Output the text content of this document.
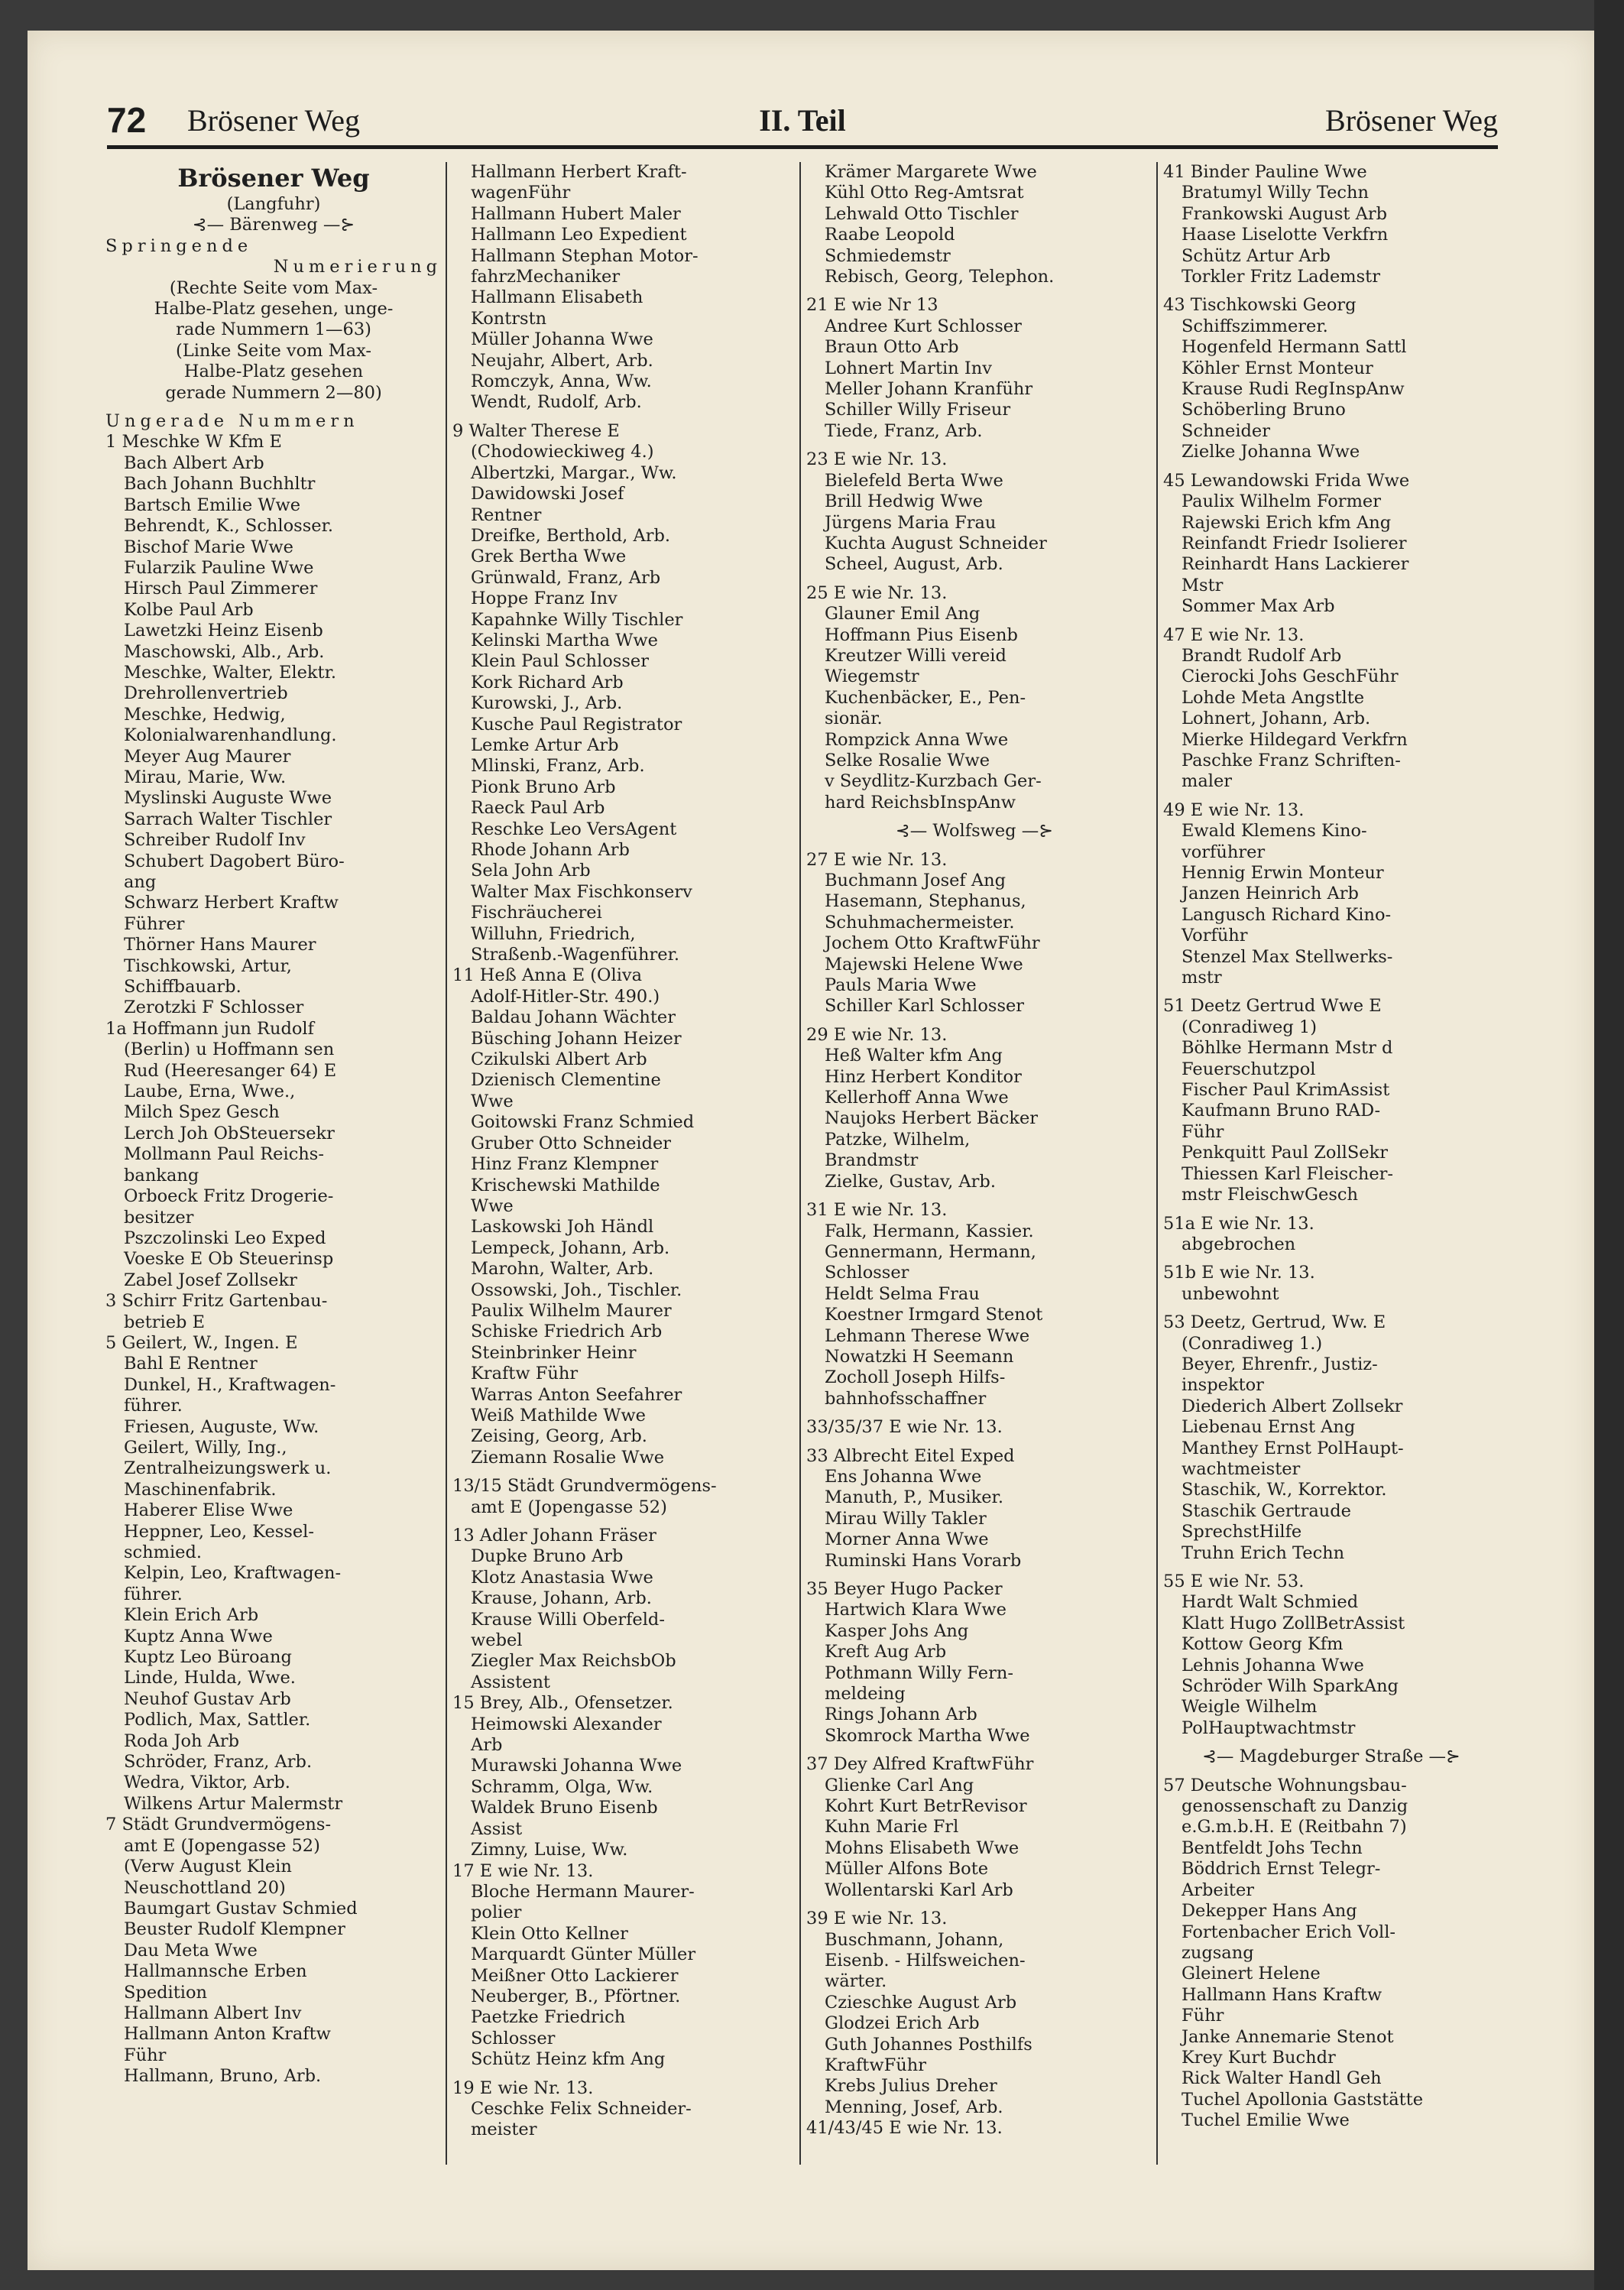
72 Brösener Weg	II. Teil	Brösener Weg
Brösener Weg
(Langfuhr)
⊰— Bärenweg —⊱
Springende
Numerierung
(Rechte Seite vom Max-
Halbe-Platz gesehen, unge-
rade Nummern 1—63)
(Linke Seite vom Max-
Halbe-Platz gesehen
gerade Nummern 2—80)
Ungerade Nummern
1 Meschke W Kfm E
Bach Albert Arb
Bach Johann Buchhltr
Bartsch Emilie Wwe
Behrendt, K., Schlosser.
Bischof Marie Wwe
Fularzik Pauline Wwe
Hirsch Paul Zimmerer
Kolbe Paul Arb
Lawetzki Heinz Eisenb
Maschowski, Alb., Arb.
Meschke, Walter, Elektr.
Drehrollenvertrieb
Meschke, Hedwig,
Kolonialwarenhandlung.
Meyer Aug Maurer
Mirau, Marie, Ww.
Myslinski Auguste Wwe
Sarrach Walter Tischler
Schreiber Rudolf Inv
Schubert Dagobert Büro-
ang
Schwarz Herbert Kraftw
Führer
Thörner Hans Maurer
Tischkowski, Artur,
Schiffbauarb.
Zerotzki F Schlosser
1a Hoffmann jun Rudolf
(Berlin) u Hoffmann sen
Rud (Heeresanger 64) E
Laube, Erna, Wwe.,
Milch Spez Gesch
Lerch Joh ObSteuersekr
Mollmann Paul Reichs-
bankang
Orboeck Fritz Drogerie-
besitzer
Pszczolinski Leo Exped
Voeske E Ob Steuerinsp
Zabel Josef Zollsekr
3 Schirr Fritz Gartenbau-
betrieb E
5 Geilert, W., Ingen. E
Bahl E Rentner
Dunkel, H., Kraftwagen-
führer.
Friesen, Auguste, Ww.
Geilert, Willy, Ing.,
Zentralheizungswerk u.
Maschinenfabrik.
Haberer Elise Wwe
Heppner, Leo, Kessel-
schmied.
Kelpin, Leo, Kraftwagen-
führer.
Klein Erich Arb
Kuptz Anna Wwe
Kuptz Leo Büroang
Linde, Hulda, Wwe.
Neuhof Gustav Arb
Podlich, Max, Sattler.
Roda Joh Arb
Schröder, Franz, Arb.
Wedra, Viktor, Arb.
Wilkens Artur Malermstr
7 Städt Grundvermögens-
amt E (Jopengasse 52)
(Verw August Klein
Neuschottland 20)
Baumgart Gustav Schmied
Beuster Rudolf Klempner
Dau Meta Wwe
Hallmannsche Erben
Spedition
Hallmann Albert Inv
Hallmann Anton Kraftw
Führ
Hallmann, Bruno, Arb.
Hallmann Herbert Kraft-
wagenFühr
Hallmann Hubert Maler
Hallmann Leo Expedient
Hallmann Stephan Motor-
fahrzMechaniker
Hallmann Elisabeth
Kontrstn
Müller Johanna Wwe
Neujahr, Albert, Arb.
Romczyk, Anna, Ww.
Wendt, Rudolf, Arb.
9 Walter Therese E
(Chodowieckiweg 4.)
Albertzki, Margar., Ww.
Dawidowski Josef
Rentner
Dreifke, Berthold, Arb.
Grek Bertha Wwe
Grünwald, Franz, Arb
Hoppe Franz Inv
Kapahnke Willy Tischler
Kelinski Martha Wwe
Klein Paul Schlosser
Kork Richard Arb
Kurowski, J., Arb.
Kusche Paul Registrator
Lemke Artur Arb
Mlinski, Franz, Arb.
Pionk Bruno Arb
Raeck Paul Arb
Reschke Leo VersAgent
Rhode Johann Arb
Sela John Arb
Walter Max Fischkonserv
Fischräucherei
Willuhn, Friedrich,
Straßenb.-Wagenführer.
11 Heß Anna E (Oliva
Adolf-Hitler-Str. 490.)
Baldau Johann Wächter
Büsching Johann Heizer
Czikulski Albert Arb
Dzienisch Clementine
Wwe
Goitowski Franz Schmied
Gruber Otto Schneider
Hinz Franz Klempner
Krischewski Mathilde
Wwe
Laskowski Joh Händl
Lempeck, Johann, Arb.
Marohn, Walter, Arb.
Ossowski, Joh., Tischler.
Paulix Wilhelm Maurer
Schiske Friedrich Arb
Steinbrinker Heinr
Kraftw Führ
Warras Anton Seefahrer
Weiß Mathilde Wwe
Zeising, Georg, Arb.
Ziemann Rosalie Wwe
13/15 Städt Grundvermögens-
amt E (Jopengasse 52)
13 Adler Johann Fräser
Dupke Bruno Arb
Klotz Anastasia Wwe
Krause, Johann, Arb.
Krause Willi Oberfeld-
webel
Ziegler Max ReichsbOb
Assistent
15 Brey, Alb., Ofensetzer.
Heimowski Alexander
Arb
Murawski Johanna Wwe
Schramm, Olga, Ww.
Waldek Bruno Eisenb
Assist
Zimny, Luise, Ww.
17 E wie Nr. 13.
Bloche Hermann Maurer-
polier
Klein Otto Kellner
Marquardt Günter Müller
Meißner Otto Lackierer
Neuberger, B., Pförtner.
Paetzke Friedrich
Schlosser
Schütz Heinz kfm Ang
19 E wie Nr. 13.
Ceschke Felix Schneider-
meister
Krämer Margarete Wwe
Kühl Otto Reg-Amtsrat
Lehwald Otto Tischler
Raabe Leopold
Schmiedemstr
Rebisch, Georg, Telephon.
21 E wie Nr 13
Andree Kurt Schlosser
Braun Otto Arb
Lohnert Martin Inv
Meller Johann Kranführ
Schiller Willy Friseur
Tiede, Franz, Arb.
23 E wie Nr. 13.
Bielefeld Berta Wwe
Brill Hedwig Wwe
Jürgens Maria Frau
Kuchta August Schneider
Scheel, August, Arb.
25 E wie Nr. 13.
Glauner Emil Ang
Hoffmann Pius Eisenb
Kreutzer Willi vereid
Wiegemstr
Kuchenbäcker, E., Pen-
sionär.
Rompzick Anna Wwe
Selke Rosalie Wwe
v Seydlitz-Kurzbach Ger-
hard ReichsbInspAnw
⊰— Wolfsweg —⊱
27 E wie Nr. 13.
Buchmann Josef Ang
Hasemann, Stephanus,
Schuhmachermeister.
Jochem Otto KraftwFühr
Majewski Helene Wwe
Pauls Maria Wwe
Schiller Karl Schlosser
29 E wie Nr. 13.
Heß Walter kfm Ang
Hinz Herbert Konditor
Kellerhoff Anna Wwe
Naujoks Herbert Bäcker
Patzke, Wilhelm,
Brandmstr
Zielke, Gustav, Arb.
31 E wie Nr. 13.
Falk, Hermann, Kassier.
Gennermann, Hermann,
Schlosser
Heldt Selma Frau
Koestner Irmgard Stenot
Lehmann Therese Wwe
Nowatzki H Seemann
Zocholl Joseph Hilfs-
bahnhofsschaffner
33/35/37 E wie Nr. 13.
33 Albrecht Eitel Exped
Ens Johanna Wwe
Manuth, P., Musiker.
Mirau Willy Takler
Morner Anna Wwe
Ruminski Hans Vorarb
35 Beyer Hugo Packer
Hartwich Klara Wwe
Kasper Johs Ang
Kreft Aug Arb
Pothmann Willy Fern-
meldeing
Rings Johann Arb
Skomrock Martha Wwe
37 Dey Alfred KraftwFühr
Glienke Carl Ang
Kohrt Kurt BetrRevisor
Kuhn Marie Frl
Mohns Elisabeth Wwe
Müller Alfons Bote
Wollentarski Karl Arb
39 E wie Nr. 13.
Buschmann, Johann,
Eisenb. - Hilfsweichen-
wärter.
Czieschke August Arb
Glodzei Erich Arb
Guth Johannes Posthilfs
KraftwFühr
Krebs Julius Dreher
Menning, Josef, Arb.
41/43/45 E wie Nr. 13.
41 Binder Pauline Wwe
Bratumyl Willy Techn
Frankowski August Arb
Haase Liselotte Verkfrn
Schütz Artur Arb
Torkler Fritz Lademstr
43 Tischkowski Georg
Schiffszimmerer.
Hogenfeld Hermann Sattl
Köhler Ernst Monteur
Krause Rudi RegInspAnw
Schöberling Bruno
Schneider
Zielke Johanna Wwe
45 Lewandowski Frida Wwe
Paulix Wilhelm Former
Rajewski Erich kfm Ang
Reinfandt Friedr Isolierer
Reinhardt Hans Lackierer
Mstr
Sommer Max Arb
47 E wie Nr. 13.
Brandt Rudolf Arb
Cierocki Johs GeschFühr
Lohde Meta Angstlte
Lohnert, Johann, Arb.
Mierke Hildegard Verkfrn
Paschke Franz Schriften-
maler
49 E wie Nr. 13.
Ewald Klemens Kino-
vorführer
Hennig Erwin Monteur
Janzen Heinrich Arb
Langusch Richard Kino-
Vorführ
Stenzel Max Stellwerks-
mstr
51 Deetz Gertrud Wwe E
(Conradiweg 1)
Böhlke Hermann Mstr d
Feuerschutzpol
Fischer Paul KrimAssist
Kaufmann Bruno RAD-
Führ
Penkquitt Paul ZollSekr
Thiessen Karl Fleischer-
mstr FleischwGesch
51a E wie Nr. 13.
abgebrochen
51b E wie Nr. 13.
unbewohnt
53 Deetz, Gertrud, Ww. E
(Conradiweg 1.)
Beyer, Ehrenfr., Justiz-
inspektor
Diederich Albert Zollsekr
Liebenau Ernst Ang
Manthey Ernst PolHaupt-
wachtmeister
Staschik, W., Korrektor.
Staschik Gertraude
SprechstHilfe
Truhn Erich Techn
55 E wie Nr. 53.
Hardt Walt Schmied
Klatt Hugo ZollBetrAssist
Kottow Georg Kfm
Lehnis Johanna Wwe
Schröder Wilh SparkAng
Weigle Wilhelm
PolHauptwachtmstr
⊰— Magdeburger Straße —⊱
57 Deutsche Wohnungsbau-
genossenschaft zu Danzig
e.G.m.b.H. E (Reitbahn 7)
Bentfeldt Johs Techn
Böddrich Ernst Telegr-
Arbeiter
Dekepper Hans Ang
Fortenbacher Erich Voll-
zugsang
Gleinert Helene
Hallmann Hans Kraftw
Führ
Janke Annemarie Stenot
Krey Kurt Buchdr
Rick Walter Handl Geh
Tuchel Apollonia Gaststätte
Tuchel Emilie Wwe
